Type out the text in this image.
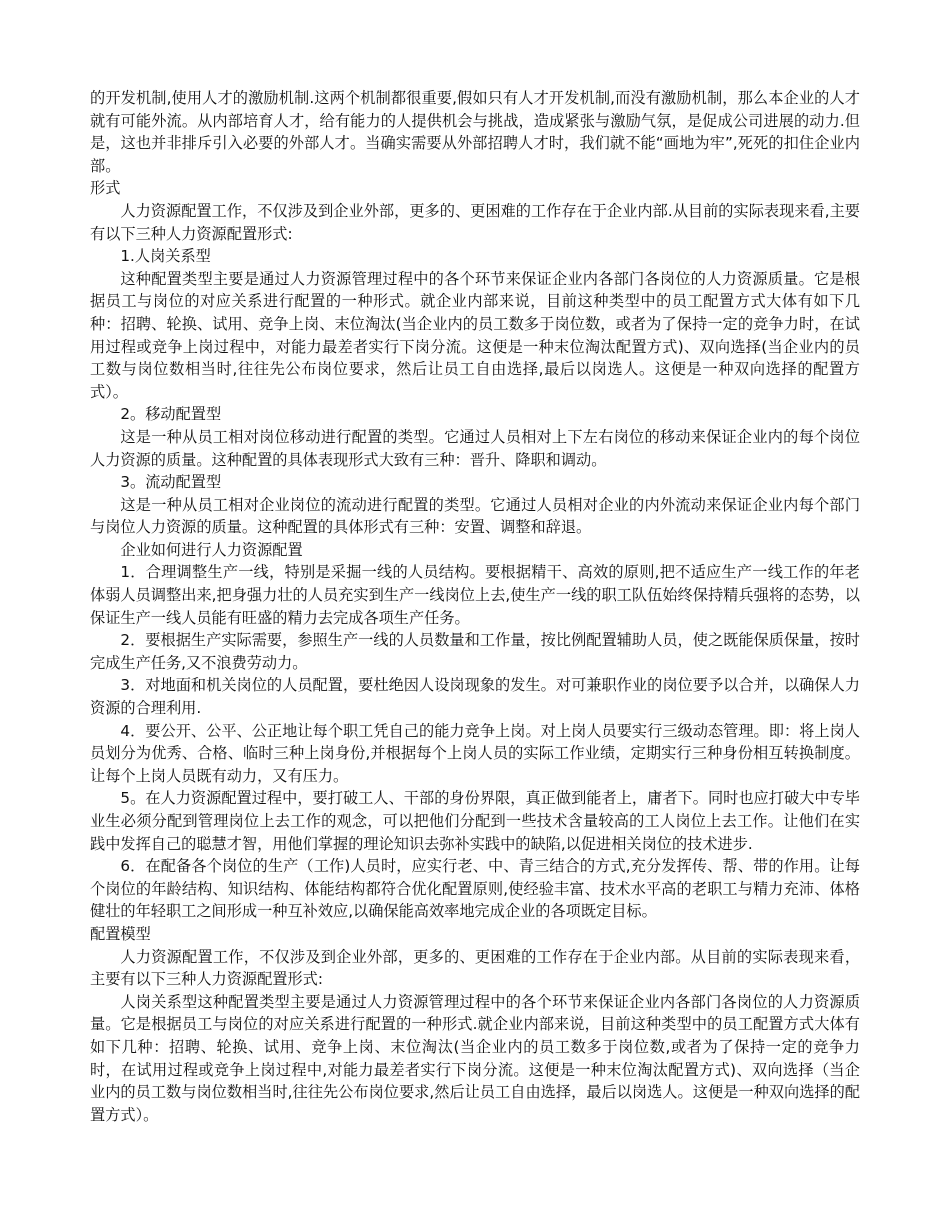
的开发机制,使用人才的激励机制.这两个机制都很重要,假如只有人才开发机制,而没有激励机制，那么本企业的人才就有可能外流。从内部培育人才，给有能力的人提供机会与挑战，造成紧张与激励气氛，是促成公司进展的动力.但是，这也并非排斥引入必要的外部人才。当确实需要从外部招聘人才时，我们就不能“画地为牢”,死死的扣住企业内部。

形式

人力资源配置工作，不仅涉及到企业外部，更多的、更困难的工作存在于企业内部.从目前的实际表现来看,主要有以下三种人力资源配置形式:

1.人岗关系型

这种配置类型主要是通过人力资源管理过程中的各个环节来保证企业内各部门各岗位的人力资源质量。它是根据员工与岗位的对应关系进行配置的一种形式。就企业内部来说，目前这种类型中的员工配置方式大体有如下几种：招聘、轮换、试用、竞争上岗、末位淘汰(当企业内的员工数多于岗位数，或者为了保持一定的竞争力时，在试用过程或竞争上岗过程中，对能力最差者实行下岗分流。这便是一种末位淘汰配置方式)、双向选择(当企业内的员工数与岗位数相当时,往往先公布岗位要求，然后让员工自由选择,最后以岗选人。这便是一种双向选择的配置方式）。

2。移动配置型

这是一种从员工相对岗位移动进行配置的类型。它通过人员相对上下左右岗位的移动来保证企业内的每个岗位人力资源的质量。这种配置的具体表现形式大致有三种：晋升、降职和调动。

3。流动配置型

这是一种从员工相对企业岗位的流动进行配置的类型。它通过人员相对企业的内外流动来保证企业内每个部门与岗位人力资源的质量。这种配置的具体形式有三种：安置、调整和辞退。

企业如何进行人力资源配置

1．合理调整生产一线，特别是采掘一线的人员结构。要根据精干、高效的原则,把不适应生产一线工作的年老体弱人员调整出来,把身强力壮的人员充实到生产一线岗位上去,使生产一线的职工队伍始终保持精兵强将的态势，以保证生产一线人员能有旺盛的精力去完成各项生产任务。

2．要根据生产实际需要，参照生产一线的人员数量和工作量，按比例配置辅助人员，使之既能保质保量，按时完成生产任务,又不浪费劳动力。

3．对地面和机关岗位的人员配置，要杜绝因人设岗现象的发生。对可兼职作业的岗位要予以合并，以确保人力资源的合理利用.

4．要公开、公平、公正地让每个职工凭自己的能力竞争上岗。对上岗人员要实行三级动态管理。即：将上岗人员划分为优秀、合格、临时三种上岗身份,并根据每个上岗人员的实际工作业绩，定期实行三种身份相互转换制度。让每个上岗人员既有动力，又有压力。

5。在人力资源配置过程中，要打破工人、干部的身份界限，真正做到能者上，庸者下。同时也应打破大中专毕业生必须分配到管理岗位上去工作的观念，可以把他们分配到一些技术含量较高的工人岗位上去工作。让他们在实践中发挥自己的聪慧才智，用他们掌握的理论知识去弥补实践中的缺陷,以促进相关岗位的技术进步.

6．在配备各个岗位的生产（工作)人员时，应实行老、中、青三结合的方式,充分发挥传、帮、带的作用。让每个岗位的年龄结构、知识结构、体能结构都符合优化配置原则,使经验丰富、技术水平高的老职工与精力充沛、体格健壮的年轻职工之间形成一种互补效应,以确保能高效率地完成企业的各项既定目标。

配置模型

人力资源配置工作，不仅涉及到企业外部，更多的、更困难的工作存在于企业内部。从目前的实际表现来看，主要有以下三种人力资源配置形式:

人岗关系型这种配置类型主要是通过人力资源管理过程中的各个环节来保证企业内各部门各岗位的人力资源质量。它是根据员工与岗位的对应关系进行配置的一种形式.就企业内部来说，目前这种类型中的员工配置方式大体有如下几种：招聘、轮换、试用、竞争上岗、末位淘汰(当企业内的员工数多于岗位数,或者为了保持一定的竞争力时，在试用过程或竞争上岗过程中,对能力最差者实行下岗分流。这便是一种末位淘汰配置方式)、双向选择（当企业内的员工数与岗位数相当时,往往先公布岗位要求,然后让员工自由选择，最后以岗选人。这便是一种双向选择的配置方式）。
